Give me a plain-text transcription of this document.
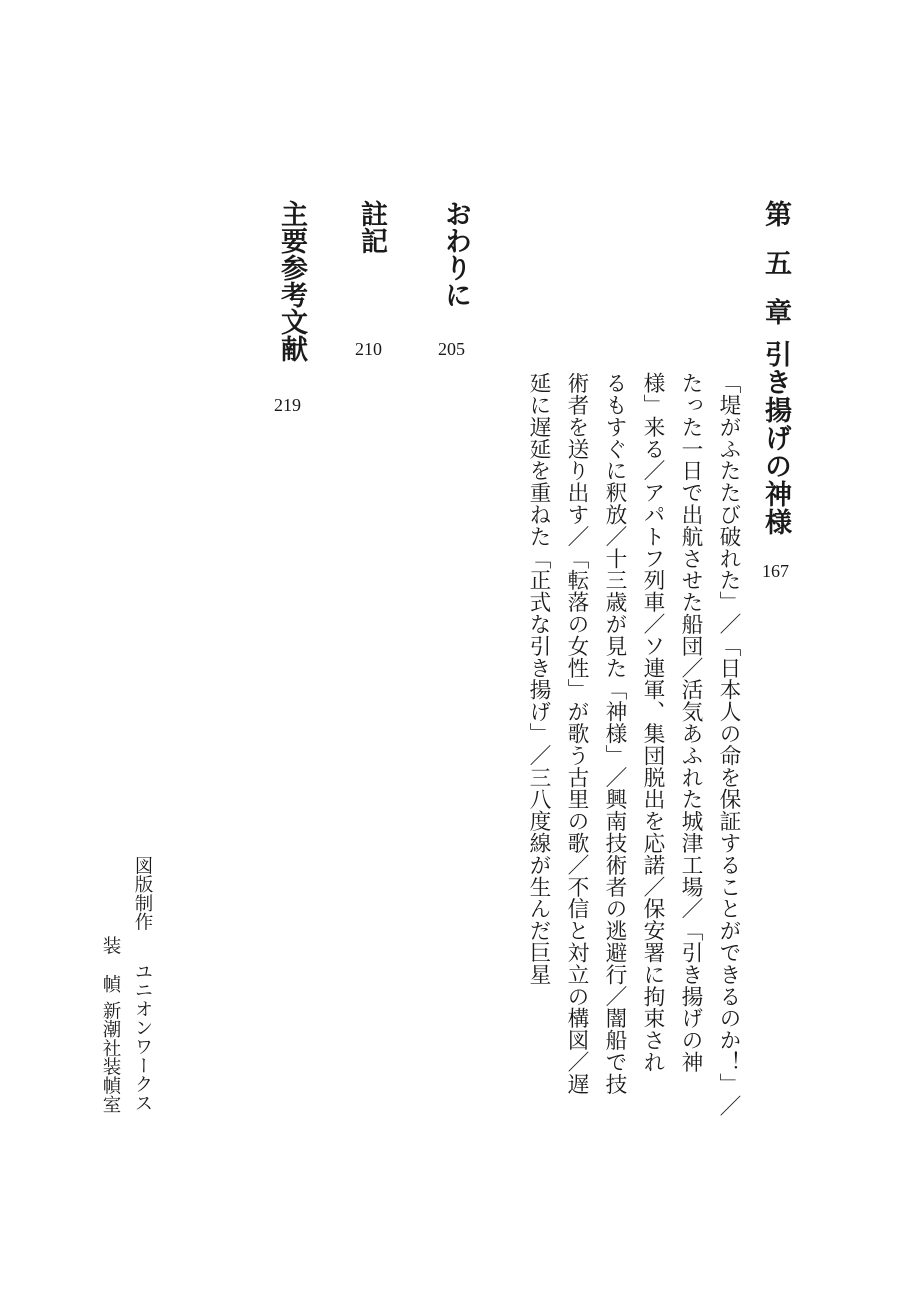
第五章
引き揚げの神様
167
「堤がふたたび破れた」／「日本人の命を保証することができるのか！」／
たった一日で出航させた船団／活気あふれた城津工場／「引き揚げの神
様」来る／アパトフ列車／ソ連軍、集団脱出を応諾／保安署に拘束され
るもすぐに釈放／十三歳が見た「神様」／興南技術者の逃避行／闇船で技
術者を送り出す／「転落の女性」が歌う古里の歌／不信と対立の構図／遅
延に遅延を重ねた「正式な引き揚げ」／三八度線が生んだ巨星
おわりに
205
註記
210
主要参考文献
219
図版制作
ユニオンワークス
装幀
新潮社装幀室
